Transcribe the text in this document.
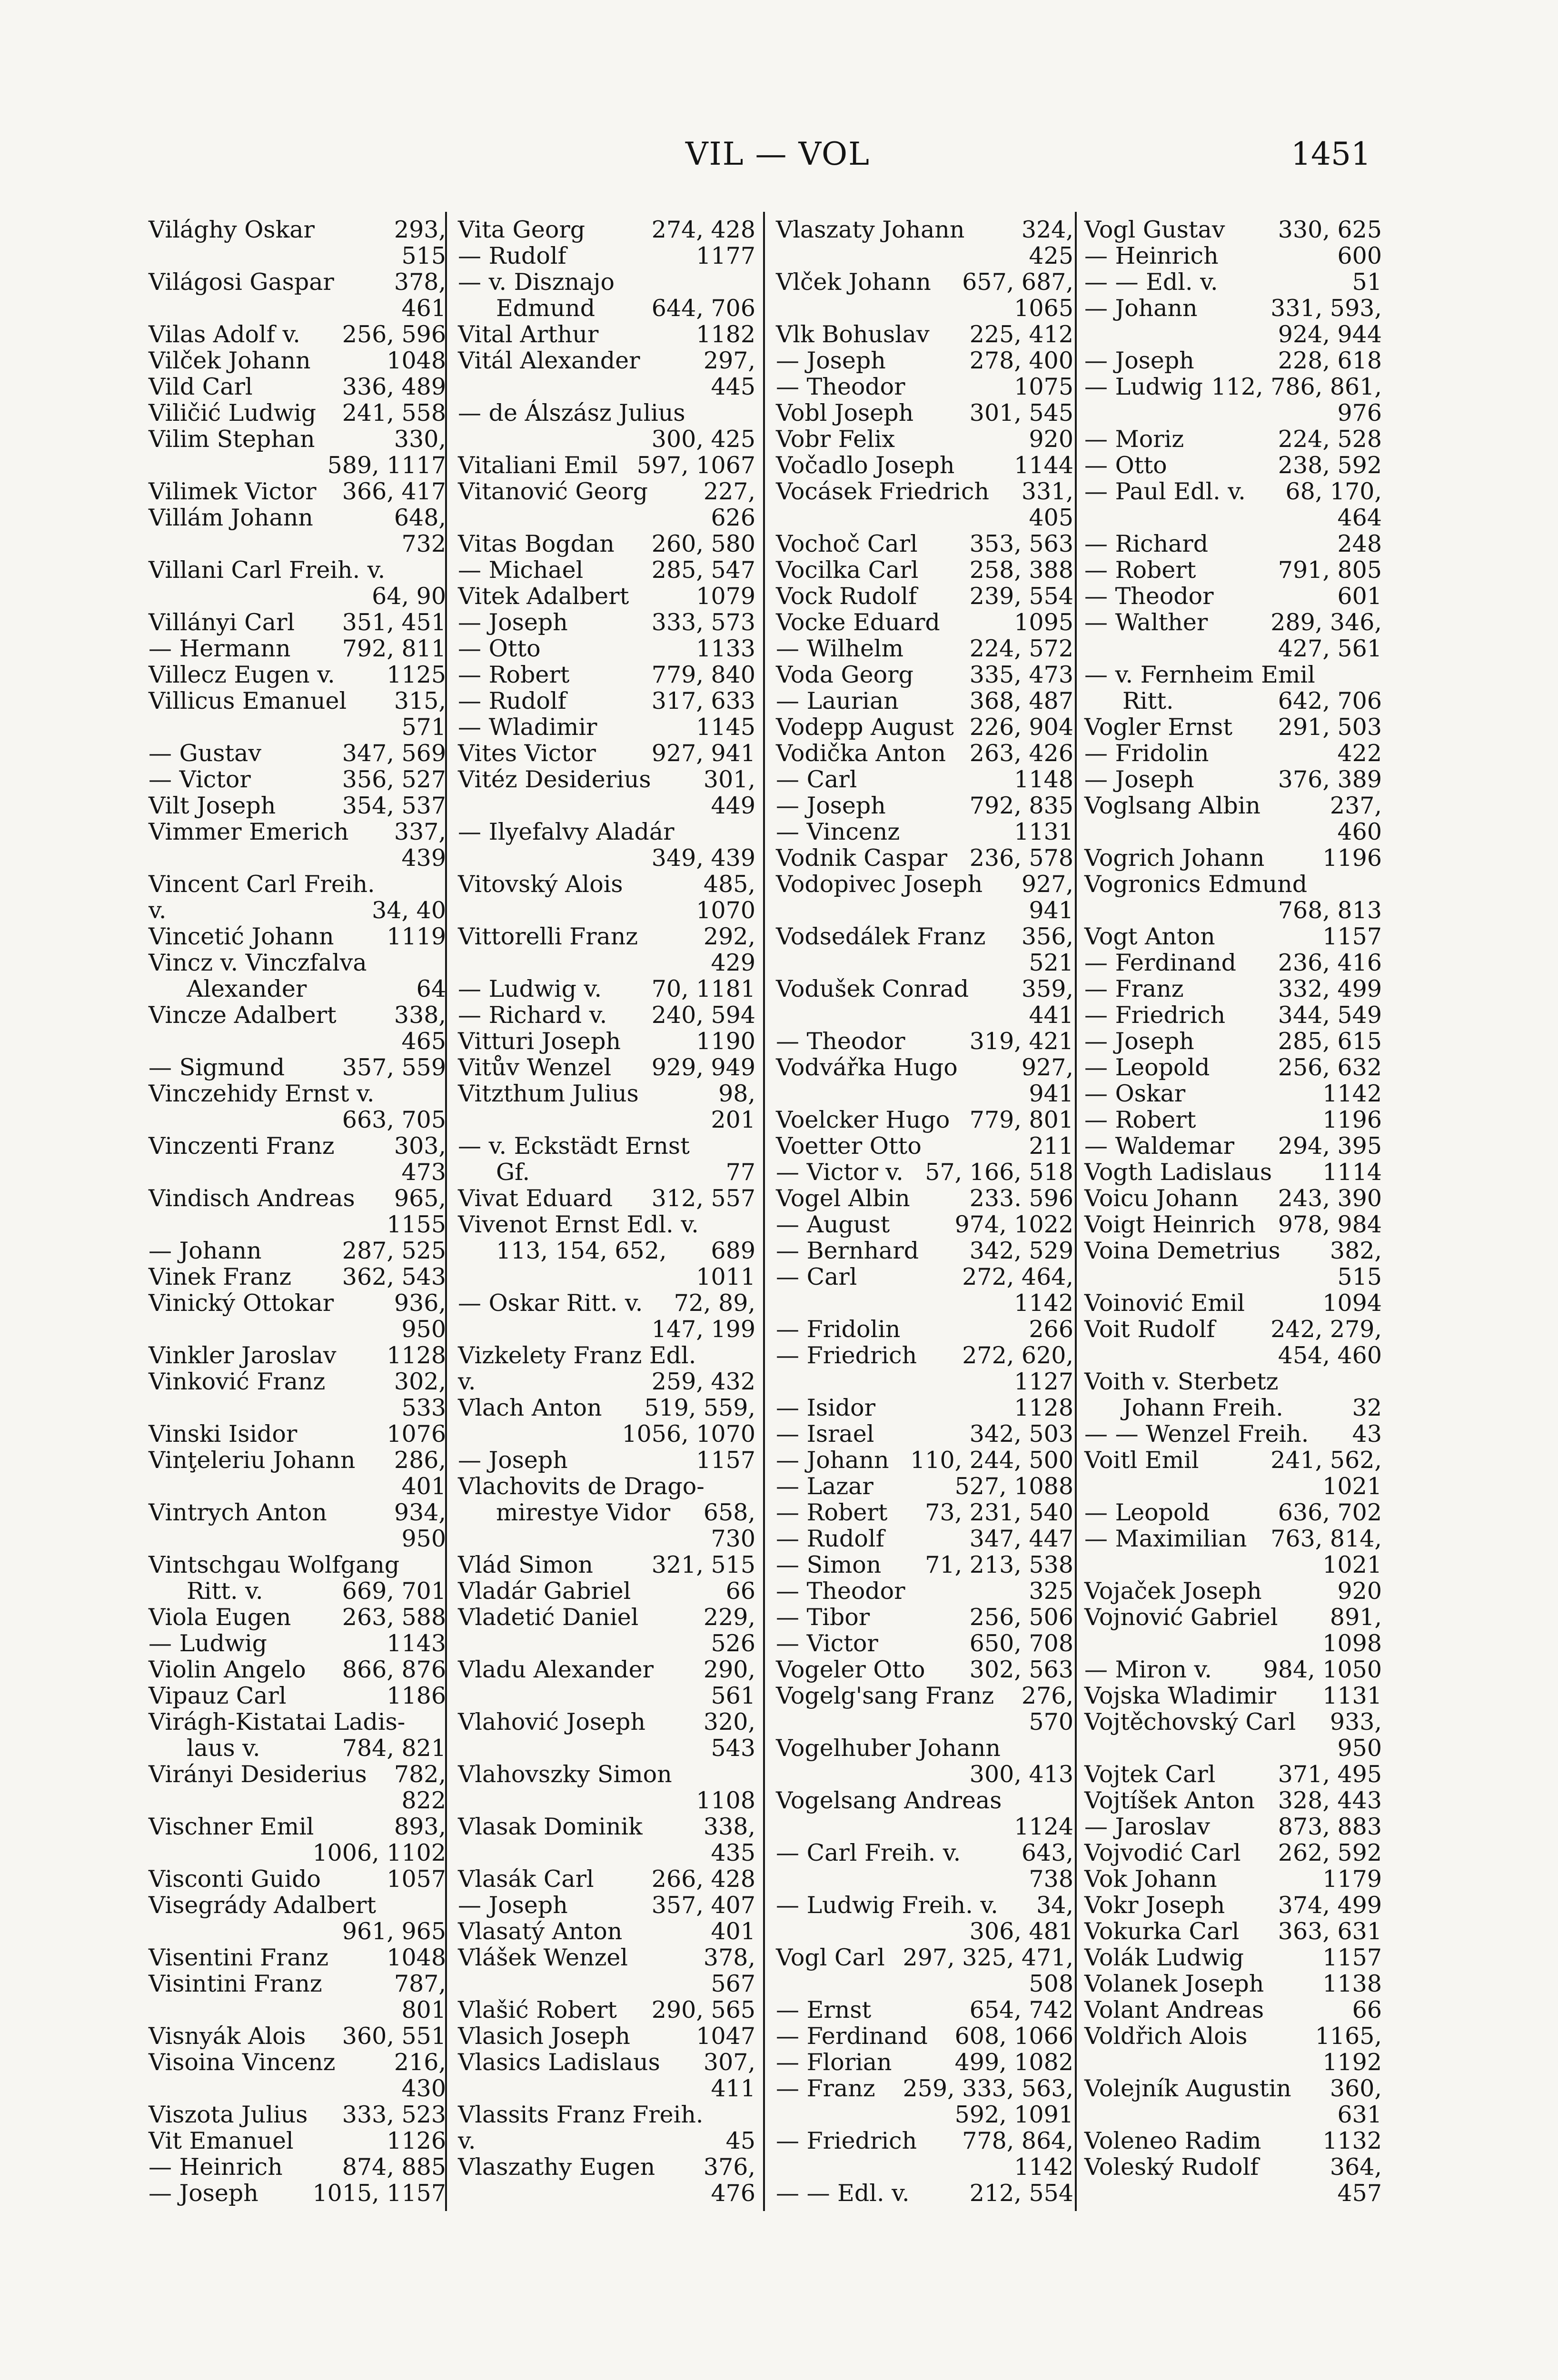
VIL — VOL	1451
293,
Világhy Oskar
515
378,
Világosi Gaspar
461
256, 596
Vilas Adolf v.
1048
Vilček Johann
336, 489
Vild Carl
241, 558
Viličić Ludwig
330,
Vilim Stephan
589, 1117
366, 417
Vilimek Victor
648,
Villám Johann
732
Villani Carl Freih. v.
64, 90
351, 451
Villányi Carl
792, 811
— Hermann
1125
Villecz Eugen v.
315,
Villicus Emanuel
571
347, 569
— Gustav
356, 527
— Victor
354, 537
Vilt Joseph
337,
Vimmer Emerich
439
Vincent Carl Freih.
34, 40
v.
1119
Vincetić Johann
Vincz v. Vinczfalva
64
Alexander
338,
Vincze Adalbert
465
357, 559
— Sigmund
Vinczehidy Ernst v.
663, 705
303,
Vinczenti Franz
473
965,
Vindisch Andreas
1155
287, 525
— Johann
362, 543
Vinek Franz
936,
Vinický Ottokar
950
1128
Vinkler Jaroslav
302,
Vinković Franz
533
1076
Vinski Isidor
286,
Vinţeleriu Johann
401
934,
Vintrych Anton
950
Vintschgau Wolfgang
669, 701
Ritt. v.
263, 588
Viola Eugen
1143
— Ludwig
866, 876
Violin Angelo
1186
Vipauz Carl
Virágh-Kistatai Ladis-
784, 821
laus v.
782,
Virányi Desiderius
822
893,
Vischner Emil
1006, 1102
1057
Visconti Guido
Visegrády Adalbert
961, 965
1048
Visentini Franz
787,
Visintini Franz
801
360, 551
Visnyák Alois
216,
Visoina Vincenz
430
333, 523
Viszota Julius
1126
Vit Emanuel
874, 885
— Heinrich
1015, 1157
— Joseph
274, 428
Vita Georg
1177
— Rudolf
— v. Disznajo
644, 706
Edmund
1182
Vital Arthur
297,
Vitál Alexander
445
— de Álszász Julius
300, 425
597, 1067
Vitaliani Emil
227,
Vitanović Georg
626
260, 580
Vitas Bogdan
285, 547
— Michael
1079
Vitek Adalbert
333, 573
— Joseph
1133
— Otto
779, 840
— Robert
317, 633
— Rudolf
1145
— Wladimir
927, 941
Vites Victor
301,
Vitéz Desiderius
449
— Ilyefalvy Aladár
349, 439
485,
Vitovský Alois
1070
292,
Vittorelli Franz
429
70, 1181
— Ludwig v.
240, 594
— Richard v.
1190
Vitturi Joseph
929, 949
Vitův Wenzel
98,
Vitzthum Julius
201
— v. Eckstädt Ernst
77
Gf.
312, 557
Vivat Eduard
Vivenot Ernst Edl. v.
689
113, 154, 652,
1011
72, 89,
— Oskar Ritt. v.
147, 199
Vizkelety Franz Edl.
259, 432
v.
519, 559,
Vlach Anton
1056, 1070
1157
— Joseph
Vlachovits de Drago-
658,
mirestye Vidor
730
321, 515
Vlád Simon
66
Vladár Gabriel
229,
Vladetić Daniel
526
290,
Vladu Alexander
561
320,
Vlahović Joseph
543
Vlahovszky Simon
1108
338,
Vlasak Dominik
435
266, 428
Vlasák Carl
357, 407
— Joseph
401
Vlasatý Anton
378,
Vlášek Wenzel
567
290, 565
Vlašić Robert
1047
Vlasich Joseph
307,
Vlasics Ladislaus
411
Vlassits Franz Freih.
45
v.
376,
Vlaszathy Eugen
476
324,
Vlaszaty Johann
425
657, 687,
Vlček Johann
1065
225, 412
Vlk Bohuslav
278, 400
— Joseph
1075
— Theodor
301, 545
Vobl Joseph
920
Vobr Felix
1144
Vočadlo Joseph
331,
Vocásek Friedrich
405
353, 563
Vochoč Carl
258, 388
Vocilka Carl
239, 554
Vock Rudolf
1095
Vocke Eduard
224, 572
— Wilhelm
335, 473
Voda Georg
368, 487
— Laurian
226, 904
Vodepp August
263, 426
Vodička Anton
1148
— Carl
792, 835
— Joseph
1131
— Vincenz
236, 578
Vodnik Caspar
927,
Vodopivec Joseph
941
356,
Vodsedálek Franz
521
359,
Vodušek Conrad
441
319, 421
— Theodor
927,
Vodvářka Hugo
941
779, 801
Voelcker Hugo
211
Voetter Otto
57, 166, 518
— Victor v.
233. 596
Vogel Albin
974, 1022
— August
342, 529
— Bernhard
272, 464,
— Carl
1142
266
— Fridolin
272, 620,
— Friedrich
1127
1128
— Isidor
342, 503
— Israel
110, 244, 500
— Johann
527, 1088
— Lazar
73, 231, 540
— Robert
347, 447
— Rudolf
71, 213, 538
— Simon
325
— Theodor
256, 506
— Tibor
650, 708
— Victor
302, 563
Vogeler Otto
276,
Vogelg'sang Franz
570
Vogelhuber Johann
300, 413
Vogelsang Andreas
1124
643,
— Carl Freih. v.
738
34,
— Ludwig Freih. v.
306, 481
297, 325, 471,
Vogl Carl
508
654, 742
— Ernst
608, 1066
— Ferdinand
499, 1082
— Florian
259, 333, 563,
— Franz
592, 1091
778, 864,
— Friedrich
1142
212, 554
— — Edl. v.
330, 625
Vogl Gustav
600
— Heinrich
51
— — Edl. v.
331, 593,
— Johann
924, 944
228, 618
— Joseph
112, 786, 861,
— Ludwig
976
224, 528
— Moriz
238, 592
— Otto
68, 170,
— Paul Edl. v.
464
248
— Richard
791, 805
— Robert
601
— Theodor
289, 346,
— Walther
427, 561
— v. Fernheim Emil
642, 706
Ritt.
291, 503
Vogler Ernst
422
— Fridolin
376, 389
— Joseph
237,
Voglsang Albin
460
1196
Vogrich Johann
Vogronics Edmund
768, 813
1157
Vogt Anton
236, 416
— Ferdinand
332, 499
— Franz
344, 549
— Friedrich
285, 615
— Joseph
256, 632
— Leopold
1142
— Oskar
1196
— Robert
294, 395
— Waldemar
1114
Vogth Ladislaus
243, 390
Voicu Johann
978, 984
Voigt Heinrich
382,
Voina Demetrius
515
1094
Voinović Emil
242, 279,
Voit Rudolf
454, 460
Voith v. Sterbetz
32
Johann Freih.
43
— — Wenzel Freih.
241, 562,
Voitl Emil
1021
636, 702
— Leopold
763, 814,
— Maximilian
1021
920
Vojaček Joseph
891,
Vojnović Gabriel
1098
984, 1050
— Miron v.
1131
Vojska Wladimir
933,
Vojtěchovský Carl
950
371, 495
Vojtek Carl
328, 443
Vojtíšek Anton
873, 883
— Jaroslav
262, 592
Vojvodić Carl
1179
Vok Johann
374, 499
Vokr Joseph
363, 631
Vokurka Carl
1157
Volák Ludwig
1138
Volanek Joseph
66
Volant Andreas
1165,
Voldřich Alois
1192
360,
Volejník Augustin
631
1132
Voleneo Radim
364,
Voleský Rudolf
457
